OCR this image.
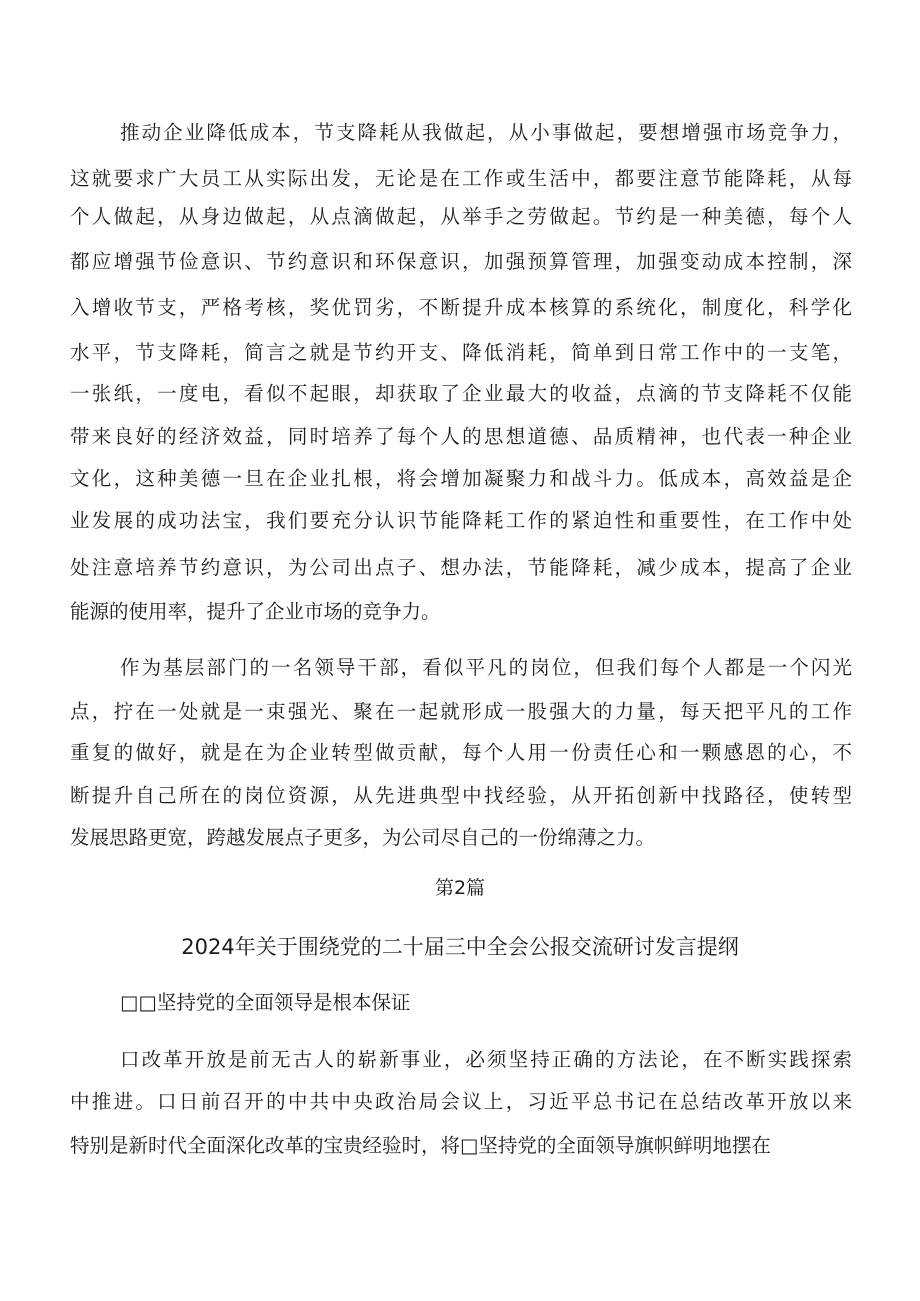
推动企业降低成本，节支降耗从我做起，从小事做起，要想增强市场竞争力，
这就要求广大员工从实际出发，无论是在工作或生活中，都要注意节能降耗，从每
个人做起，从身边做起，从点滴做起，从举手之劳做起。节约是一种美德，每个人
都应增强节俭意识、节约意识和环保意识，加强预算管理，加强变动成本控制，深
入增收节支，严格考核，奖优罚劣，不断提升成本核算的系统化，制度化，科学化
水平，节支降耗，简言之就是节约开支、降低消耗，简单到日常工作中的一支笔，
一张纸，一度电，看似不起眼，却获取了企业最大的收益，点滴的节支降耗不仅能
带来良好的经济效益，同时培养了每个人的思想道德、品质精神，也代表一种企业
文化，这种美德一旦在企业扎根，将会增加凝聚力和战斗力。低成本，高效益是企
业发展的成功法宝，我们要充分认识节能降耗工作的紧迫性和重要性，在工作中处
处注意培养节约意识，为公司出点子、想办法，节能降耗，减少成本，提高了企业
能源的使用率，提升了企业市场的竞争力。
作为基层部门的一名领导干部，看似平凡的岗位，但我们每个人都是一个闪光
点，拧在一处就是一束强光、聚在一起就形成一股强大的力量，每天把平凡的工作
重复的做好，就是在为企业转型做贡献，每个人用一份责任心和一颗感恩的心，不
断提升自己所在的岗位资源，从先进典型中找经验，从开拓创新中找路径，使转型
发展思路更宽，跨越发展点子更多，为公司尽自己的一份绵薄之力。
第2篇
2024年关于围绕党的二十届三中全会公报交流研讨发言提纲
□□坚持党的全面领导是根本保证
口改革开放是前无古人的崭新事业，必须坚持正确的方法论，在不断实践探索
中推进。口日前召开的中共中央政治局会议上，习近平总书记在总结改革开放以来
特别是新时代全面深化改革的宝贵经验时，将□坚持党的全面领导旗帜鲜明地摆在
